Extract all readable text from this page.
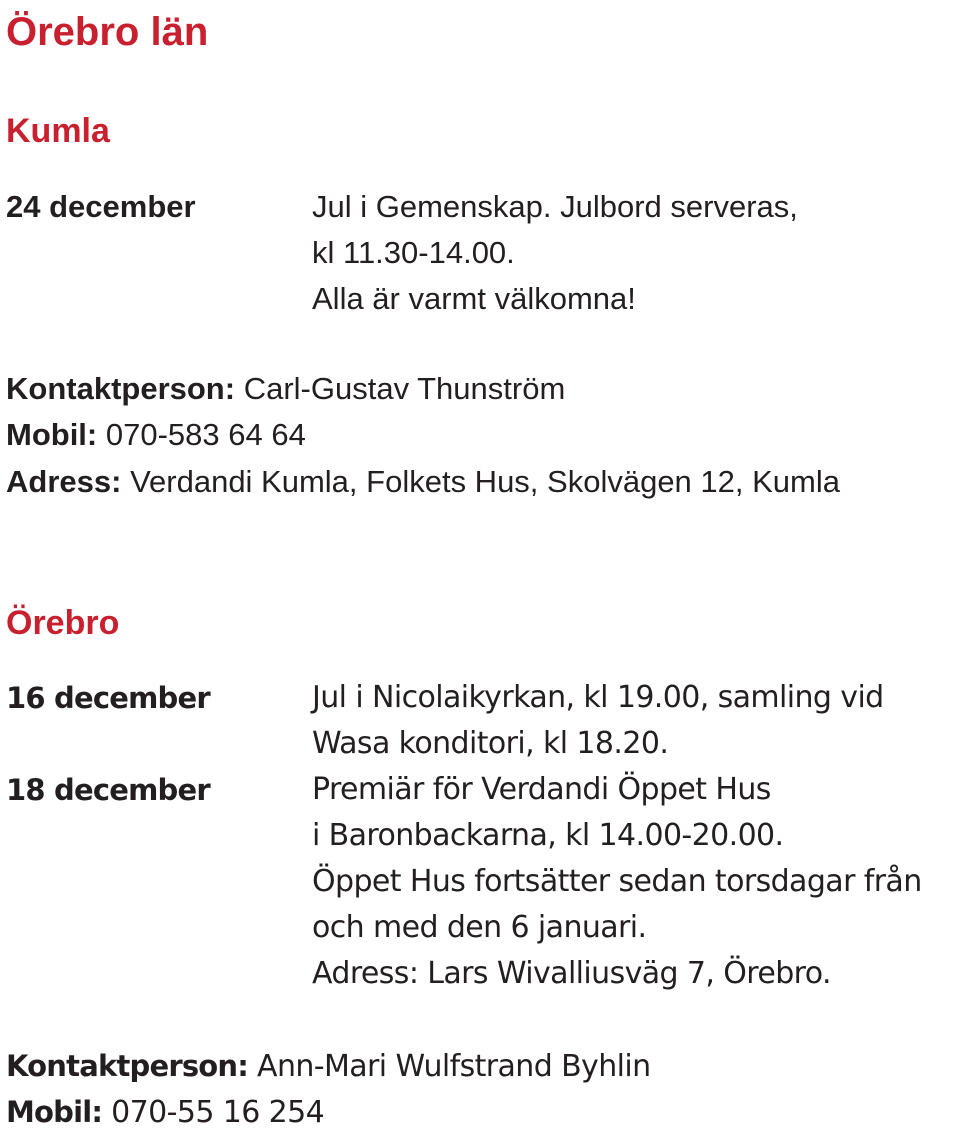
Örebro län
Kumla
24 december	Jul i Gemenskap. Julbord serveras,
kl 11.30-14.00.
Alla är varmt välkomna!
Kontaktperson: Carl-Gustav Thunström
Mobil: 070-583 64 64
Adress: Verdandi Kumla, Folkets Hus, Skolvägen 12, Kumla
Örebro
16 december	Jul i Nicolaikyrkan, kl 19.00, samling vid
Wasa konditori, kl 18.20.
18 december	Premiär för Verdandi Öppet Hus
i Baronbackarna, kl 14.00-20.00.
Öppet Hus fortsätter sedan torsdagar från
och med den 6 januari.
Adress: Lars Wivalliusväg 7, Örebro.
Kontaktperson: Ann-Mari Wulfstrand Byhlin
Mobil: 070-55 16 254
